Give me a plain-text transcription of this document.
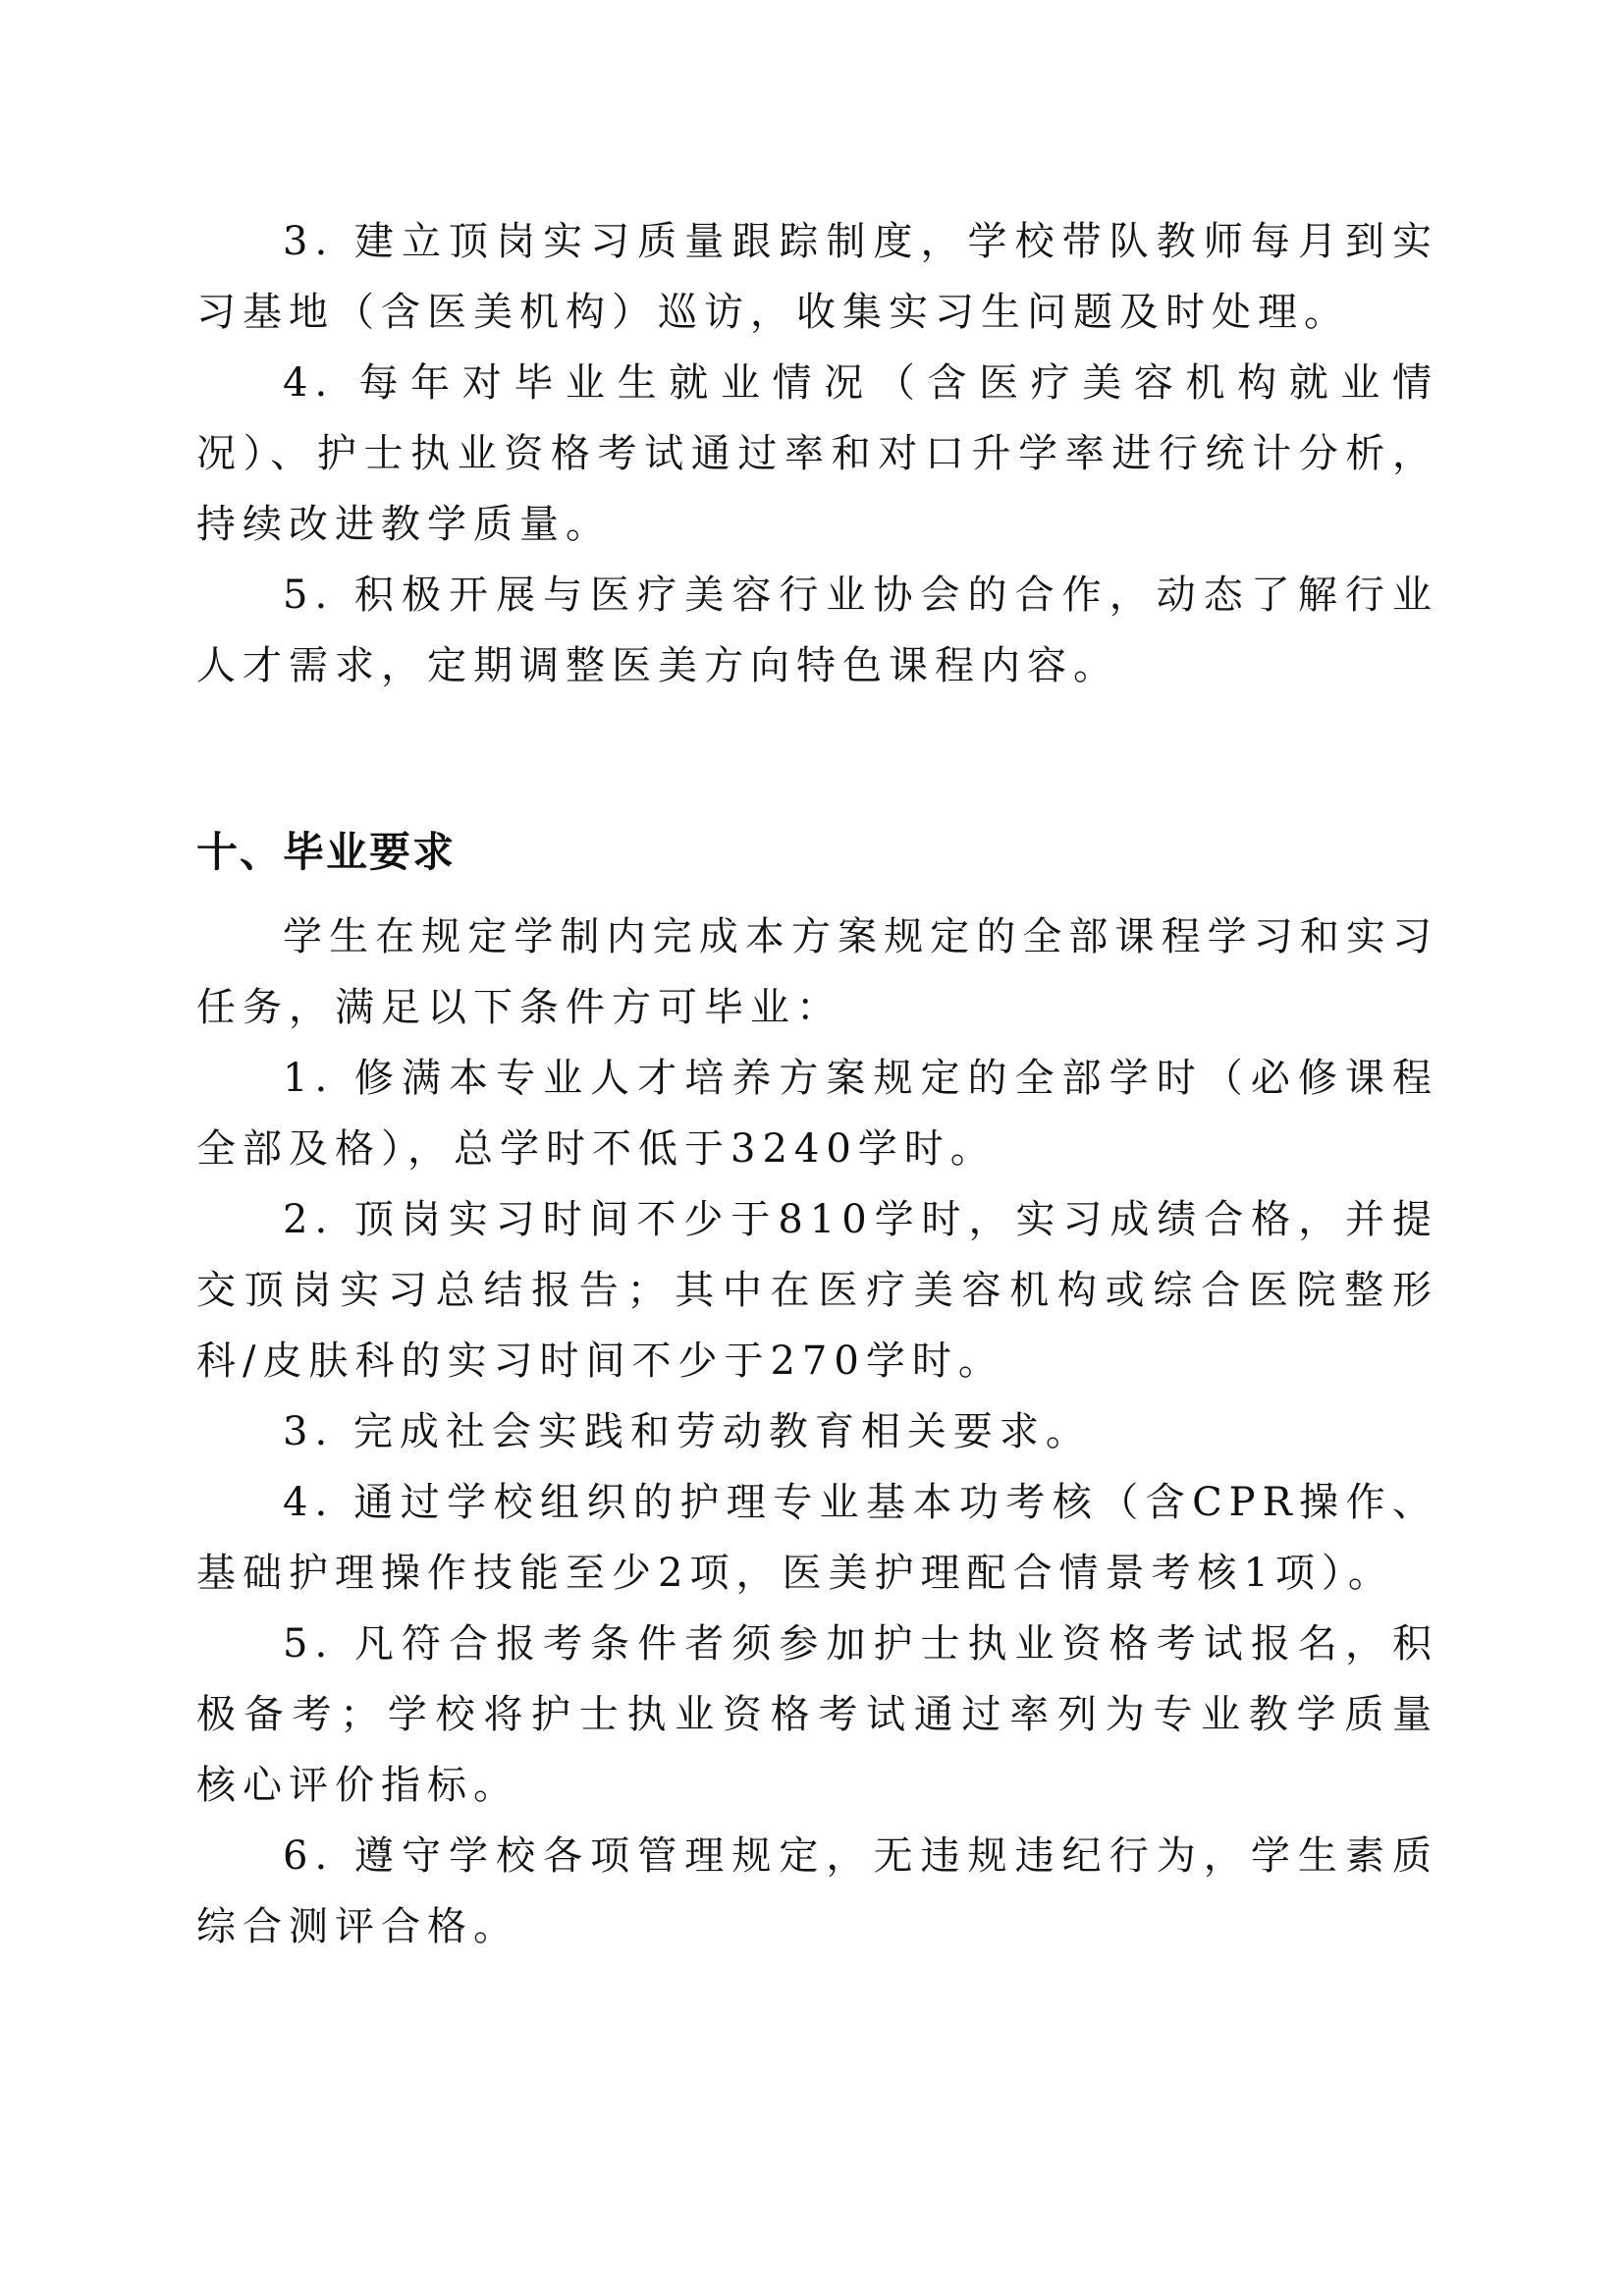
3. 建立顶岗实习质量跟踪制度，学校带队教师每月到实习基地（含医美机构）巡访，收集实习生问题及时处理。

4. 每年对毕业生就业情况（含医疗美容机构就业情况）、护士执业资格考试通过率和对口升学率进行统计分析，持续改进教学质量。

5. 积极开展与医疗美容行业协会的合作，动态了解行业人才需求，定期调整医美方向特色课程内容。

十、毕业要求

学生在规定学制内完成本方案规定的全部课程学习和实习任务，满足以下条件方可毕业：

1. 修满本专业人才培养方案规定的全部学时（必修课程全部及格），总学时不低于3240学时。

2. 顶岗实习时间不少于810学时，实习成绩合格，并提交顶岗实习总结报告；其中在医疗美容机构或综合医院整形科/皮肤科的实习时间不少于270学时。

3. 完成社会实践和劳动教育相关要求。

4. 通过学校组织的护理专业基本功考核（含CPR操作、基础护理操作技能至少2项，医美护理配合情景考核1项）。

5. 凡符合报考条件者须参加护士执业资格考试报名，积极备考；学校将护士执业资格考试通过率列为专业教学质量核心评价指标。

6. 遵守学校各项管理规定，无违规违纪行为，学生素质综合测评合格。
